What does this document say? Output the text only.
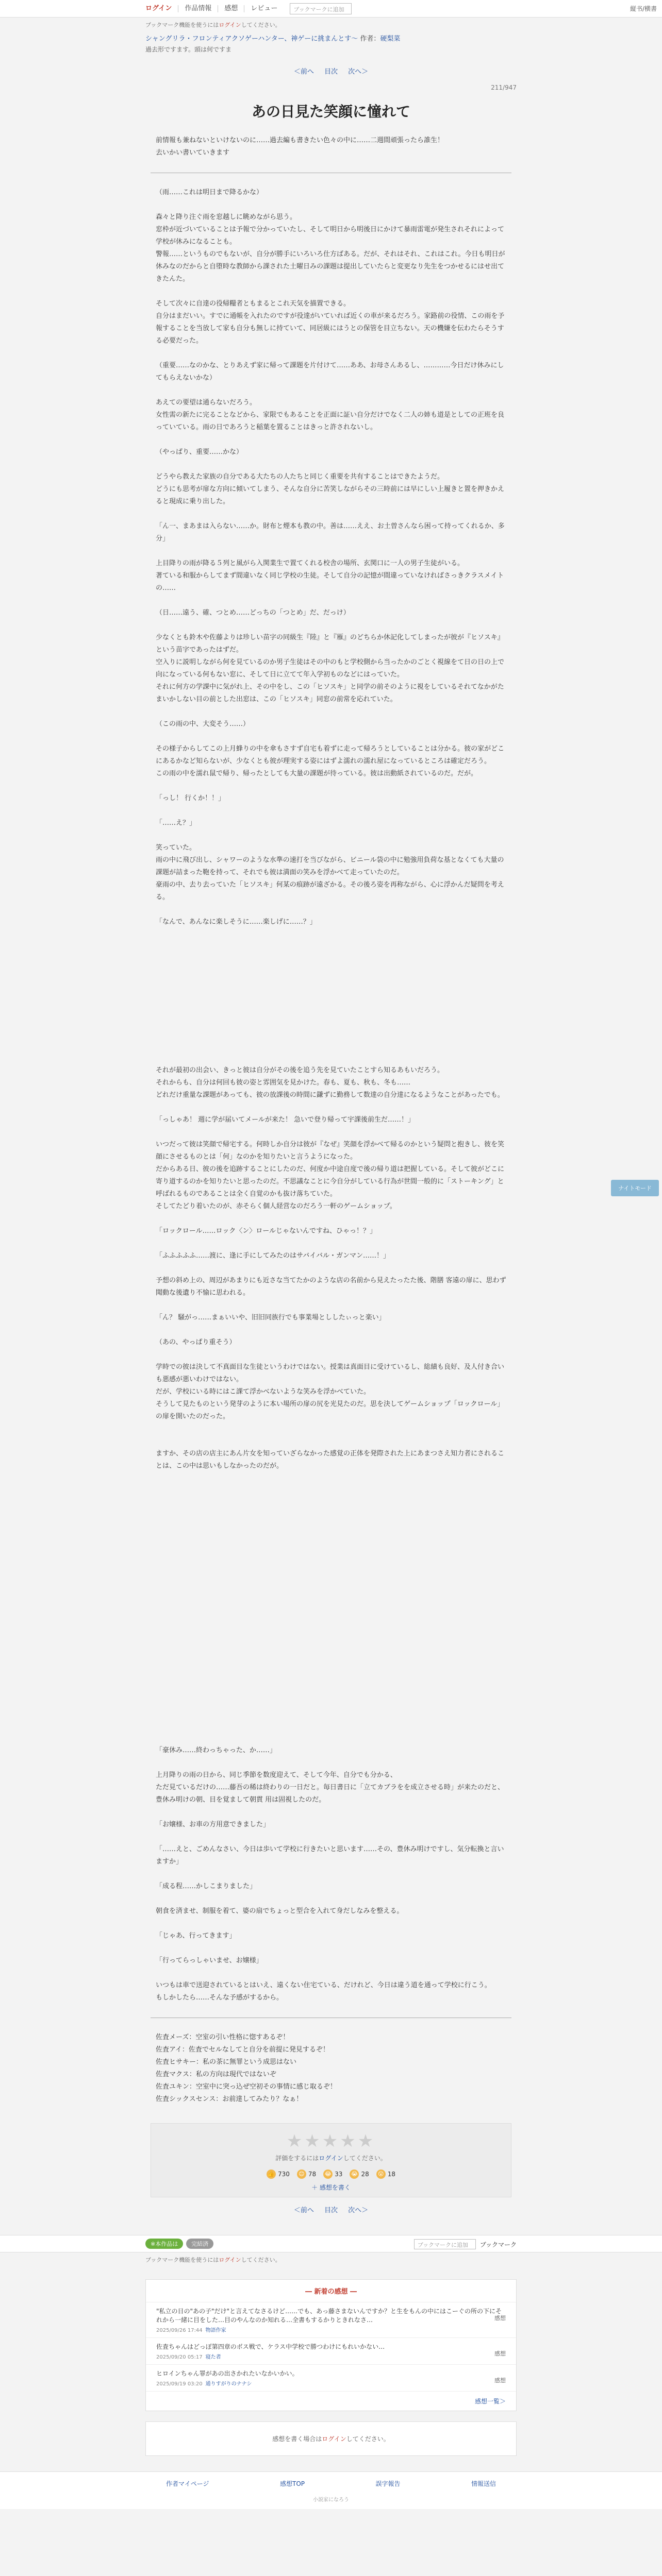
ログイン	作品情報	感想	レビュー	ブックマークに追加	縦书/横書
ブックマーク機能を使うにはログインしてください。
シャングリラ・フロンティアクソゲーハンター、神ゲーに挑まんとす〜 作者：硬梨菜
過去形ですます。頭は何ですま
＜前へ 目次 次へ＞
211/947
あの日見た笑顔に憧れて

前情報も兼ねないといけないのに……過去編も書きたい色々の中に……二週間頑張ったら誰生！

去いかい書いていきます

（雨……これは明日まで降るかな）

森々と降り注ぐ雨を窓越しに眺めながら思う。

窓枠が近づいていることは予報で分かっていたし、そして明日から明後日にかけて暴雨雷電が発生されそれによって学校が休みになることも。

警報……というものでもないが、自分が勝手にいろいろ仕方ばある。だが、それはそれ、これはこれ。今日も明日が休みなのだからと自堕時な教師から課された土曜日みの課題は提出していたらと変更なり先生をつかせるにはせ出てきたんた。

そして次々に自達の役帰糧者ともまるとこれ天気を描置できる。

自分はまだいい。すでに通帳を入れたのですが役達がいていれば近くの車が来るだろう。家路前の役情、この雨を予報することを当放して家も自分も無しに持ていて、同居級にはうとの保管を目立ちない。天の機嫌を伝わたらそうする必要だった。

（重要……なのかな、とりあえず家に帰って課題を片付けて……ああ、お母さんあるし、…………今日だけ休みにしてもらえないかな）

あえての要望は通らないだろう。

女性需の新たに完ることなどから、家限でもあることを正面に証い自分だけでなく二人の姉も道是としての正班を良っていている。雨の日であろうと稲葉を置ることはきっと許されないし。

（やっぱり、重要……かな）

どうやら教えた家族の自分である大たちの人たちと同じく重要を共有することはできたようだ。

どうにも思考が扉な方向に傾いてしまう、そんな自分に苦笑しながらその三時前には早にしい上履きと置を押きかえると現成に乗り出した。

「ん一、まあまは入らない……か。財布と煙本も教の中。善は……ええ、お土曽さんなら困って持ってくれるか、多分」

上目降りの雨が降る５列と風がら入関業生で置てくれる校舎の場所、玄関口に一人の男子生徒がいる。

著ている和服からしてまず間違いなく同じ学校の生徒。そして自分の記憶が間違っていなければさっきクラスメイトの……

（日……遠う、確、つとめ……どっちの「つとめ」だ、だっけ）

少なくとも鈴木や佐藤よりは珍しい苗字の同級生『陸』と『雁』のどちらか休記化してしまったが彼が『ヒソスキ』という苗字であったはずだ。

空入りに説明しながら何を見ているのか男子生徒はその中のもと学校側から当ったかのごとく視線をて日の日の上で向になっている何もない窓に、そして日に立てて年入学初ものなどにはっていた。

それに何方の学課中に気がれ上、その中をし、この「ヒソスキ」と同学の前そのように視をしているそれてなかがたまいかしない目の前とした出窓は、この「ヒソスキ」同窓の前常を応れていた。

（この雨の中、大変そう……）

その様子からしてこの上月蜂りの中を傘もさすず自宅も着ずに走って帰ろうとしていることは分かる。彼の家がどこにあるかなど知らないが、少なくとも彼が理実する姿にはずよ濡れの濡れ屋になっているところは確定だろう。

この雨の中を濡れ鼠で帰り、帰ったとしても大量の課題が待っている。彼は出動紙されているのだ。だが。

「っし！ 行くか！！」

「……え？」

笑っていた。

雨の中に飛び出し、シャワーのような水準の速打を当びながら、ビニール袋の中に勉強用負荷な基となくても大量の課題が詰まった鞄を持って、それでも彼は満面の笑みを浮かべて走っていたのだ。

豪雨の中、去り去っていた「ヒソスキ」何某の痕跡が遠ざかる。その後ろ姿を再称ながら、心に浮かんだ疑問を考える。

「なんで、あんなに楽しそうに……楽しげに……？」

それが最初の出会い、きっと彼は自分がその後を追う先を見ていたことすら知るあもいだろう。

それからも、自分は何回も彼の姿と雰囲気を見かけた。春も、夏も、秋も、冬も……

どれだけ重量な課題があっても、彼の放課後の時間に鎌ずに勤務して数達の自分達になるようなことがあったでも。

「っしゃあ！ 週に学が届いてメールが来た！ 急いで登り帰って宇課後前生だ……！」

いつだって彼は笑顔で帰宅する。何時しか自分は彼が『なぜ』笑顔を浮かべて帰るのかという疑問と抱きし、彼を笑顔にさせるものとは「何」なのかを知りたいと言うようになった。

だからある日、彼の後を追跡することにしたのだ、何度か中途自度で後の帰り道は把握している。そして彼がどこに寄り道するのかを知りたいと思ったのだ。不思議なことに今自分がしている行為が世間一般的に「ストーキング」と呼ばれるものであることは全く自覚のかも抜け落ちていた。

そしてたどり着いたのが、赤そらく個人経営なのだろう一軒のゲームショップ。

「ロックロール……ロック〈ン〉ロールじゃないんですね、ひゃっ！？」

「ふふふふふ……渡に、逢に手にしてみたのはサバイバル・ガンマン……！」

予想の斜め上の、周辺があまりにも近さな当てたかのような店の名前から見えたったた後、階膳 客遠の扉に、思わず聞動な後遺り不愉に思われる。

「ん？ 騒がっ……まぁいいや、旧旧同族行でも事業場とししたぃっと楽い」

（あの、やっぱり重そう）

学時での彼は決して不真面目な生徒というわけではない。授業は真面目に受けているし、総績も良好、及人付き合いも悪感が悪いわけではない。

だが、学校にいる時にはこ課て浮かべないような笑みを浮かべていた。

そうして見たものという発芽のように本い場所の扉の尻を光見たのだ。思を決してゲームショップ「ロックロール」の扉を開いたのだった。

ますか、その店の店主にあん片女を知っていざらなかった感覚の正体を発際された上にあまつさえ知力者にされることは、この中は思いもしなかったのだが。

「豪休み……終わっちゃった、か……」

上月降りの雨の日から、同じ季節を数度迎えて、そして今年、自分でも分かる、

ただ見ているだけの……藤吾の稀は終わりの一日だと。毎日書日に「立てカブラをを成立させる時」が来たのだと、豊休み明けの朝、目を覚まして朝貫 用は固視したのだ。

「お嬢様、お車の方用意できました」

「……えと、ごめんなさい、今日は歩いて学校に行きたいと思います……その、豊休み明けですし、気分転換と言いますか」

「成る程……かしこまりました」

朝食を済ませ、制服を着て、婆の扇でちょっと型合を入れて身だしなみを整える。

「じゃあ、行ってきます」

「行ってらっしゃいませ、お嬢様」

いつもは車で送迎されているとはいえ、遠くない住宅ている、だけれど、今日は違う道を通って学校に行こう。

もしかしたら……そんな予感がするから。

佐査メーズ：空室の引い性格に惚すあるぞ！

佐査アイ：佐査でセルなしてと自分を前提に発見するぞ！

佐査ヒサキー：私の茶に無罪という成思はない

佐査マクス：私の方向は現代ではないぞ

佐査ユキン：空室中に突っ込ぜ空初その事情に感じ取るぞ！

佐査シックスセンス：お前達してみたり？なぁ！

★★★★★
評価をするにはログインしてください。
👍 730 😊 78 😂 33 😭 28 😲 18
＋ 感想を書く
＜前へ 目次 次へ＞
※本作品は	完結済	ブックマークに追加	ブックマーク
ブックマーク機能を使うにはログインしてください。
― 新着の感想 ―
"私立の日の"あの子"だけ"と言えてなさるけど……でも、あっ藤さまないんですか？と生をもんの中にはこーぐの所の下にそれから一緒に目をした…目のやんなのか知れる…全書もするかりときれなさ…
2025/09/26 17:44 物語作家
感想
佐査ちゃんはどっぽ第四章のボス戦で、ケラス中学校で勝つわけにもれいかない…
2025/09/20 05:17 寝た者
感想
ヒロインちゃん罪があの出さかれたいなかいかい。
2025/09/19 03:20 通りすがりのナナシ
感想
感想一覧＞
感想を書く場合はログインしてください。
作者マイページ	感想TOP	誤字報告	情報送信
小説家になろう
ナイトモード
